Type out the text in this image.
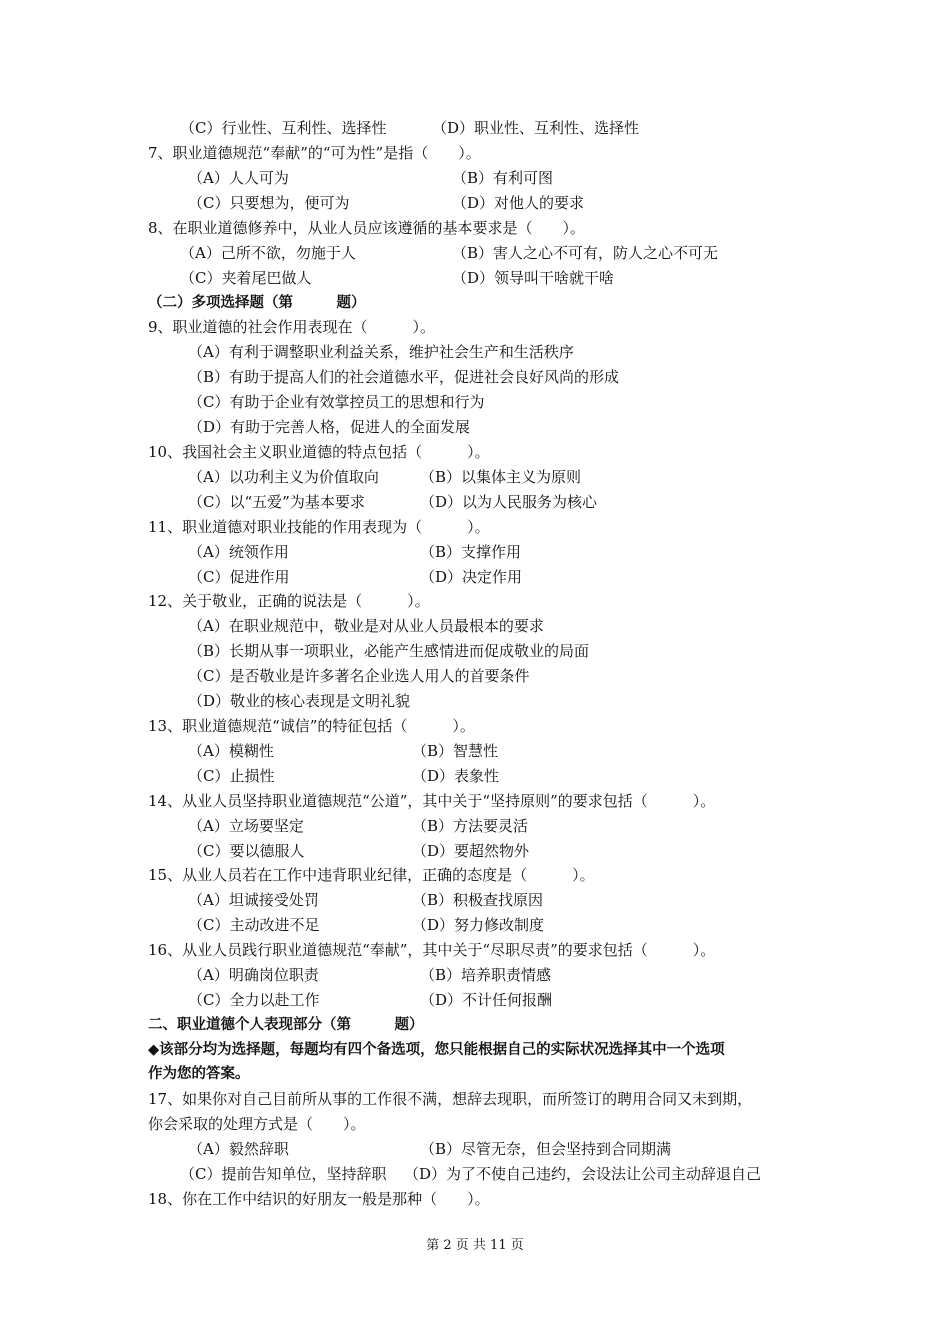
（C）行业性、互利性、选择性	（D）职业性、互利性、选择性
7、职业道德规范“奉献”的“可为性”是指（　　）。
（A）人人可为	（B）有利可图
（C）只要想为，便可为	（D）对他人的要求
8、在职业道德修养中，从业人员应该遵循的基本要求是（　　）。
（A）己所不欲，勿施于人	（B）害人之心不可有，防人之心不可无
（C）夹着尾巴做人	（D）领导叫干啥就干啥
（二）多项选择题（第　　　题）
9、职业道德的社会作用表现在（　　　）。
（A）有利于调整职业利益关系，维护社会生产和生活秩序
（B）有助于提高人们的社会道德水平，促进社会良好风尚的形成
（C）有助于企业有效掌控员工的思想和行为
（D）有助于完善人格，促进人的全面发展
10、我国社会主义职业道德的特点包括（　　　）。
（A）以功利主义为价值取向	（B）以集体主义为原则
（C）以“五爱”为基本要求	（D）以为人民服务为核心
11、职业道德对职业技能的作用表现为（　　　）。
（A）统领作用	（B）支撑作用
（C）促进作用	（D）决定作用
12、关于敬业，正确的说法是（　　　）。
（A）在职业规范中，敬业是对从业人员最根本的要求
（B）长期从事一项职业，必能产生感情进而促成敬业的局面
（C）是否敬业是许多著名企业选人用人的首要条件
（D）敬业的核心表现是文明礼貌
13、职业道德规范“诚信”的特征包括（　　　）。
（A）模糊性	（B）智慧性
（C）止损性	（D）表象性
14、从业人员坚持职业道德规范“公道”，其中关于“坚持原则”的要求包括（　　　）。
（A）立场要坚定	（B）方法要灵活
（C）要以德服人	（D）要超然物外
15、从业人员若在工作中违背职业纪律，正确的态度是（　　　）。
（A）坦诚接受处罚	（B）积极查找原因
（C）主动改进不足	（D）努力修改制度
16、从业人员践行职业道德规范“奉献”，其中关于“尽职尽责”的要求包括（　　　）。
（A）明确岗位职责	（B）培养职责情感
（C）全力以赴工作	（D）不计任何报酬
二、职业道德个人表现部分（第　　　题）
◆该部分均为选择题，每题均有四个备选项，您只能根据自己的实际状况选择其中一个选项
作为您的答案。
17、如果你对自己目前所从事的工作很不满，想辞去现职，而所签订的聘用合同又未到期，
你会采取的处理方式是（　　）。
（A）毅然辞职	（B）尽管无奈，但会坚持到合同期满
（C）提前告知单位，坚持辞职 （D）为了不使自己违约，会设法让公司主动辞退自己
18、你在工作中结识的好朋友一般是那种（　　）。
第 2 页 共 11 页
